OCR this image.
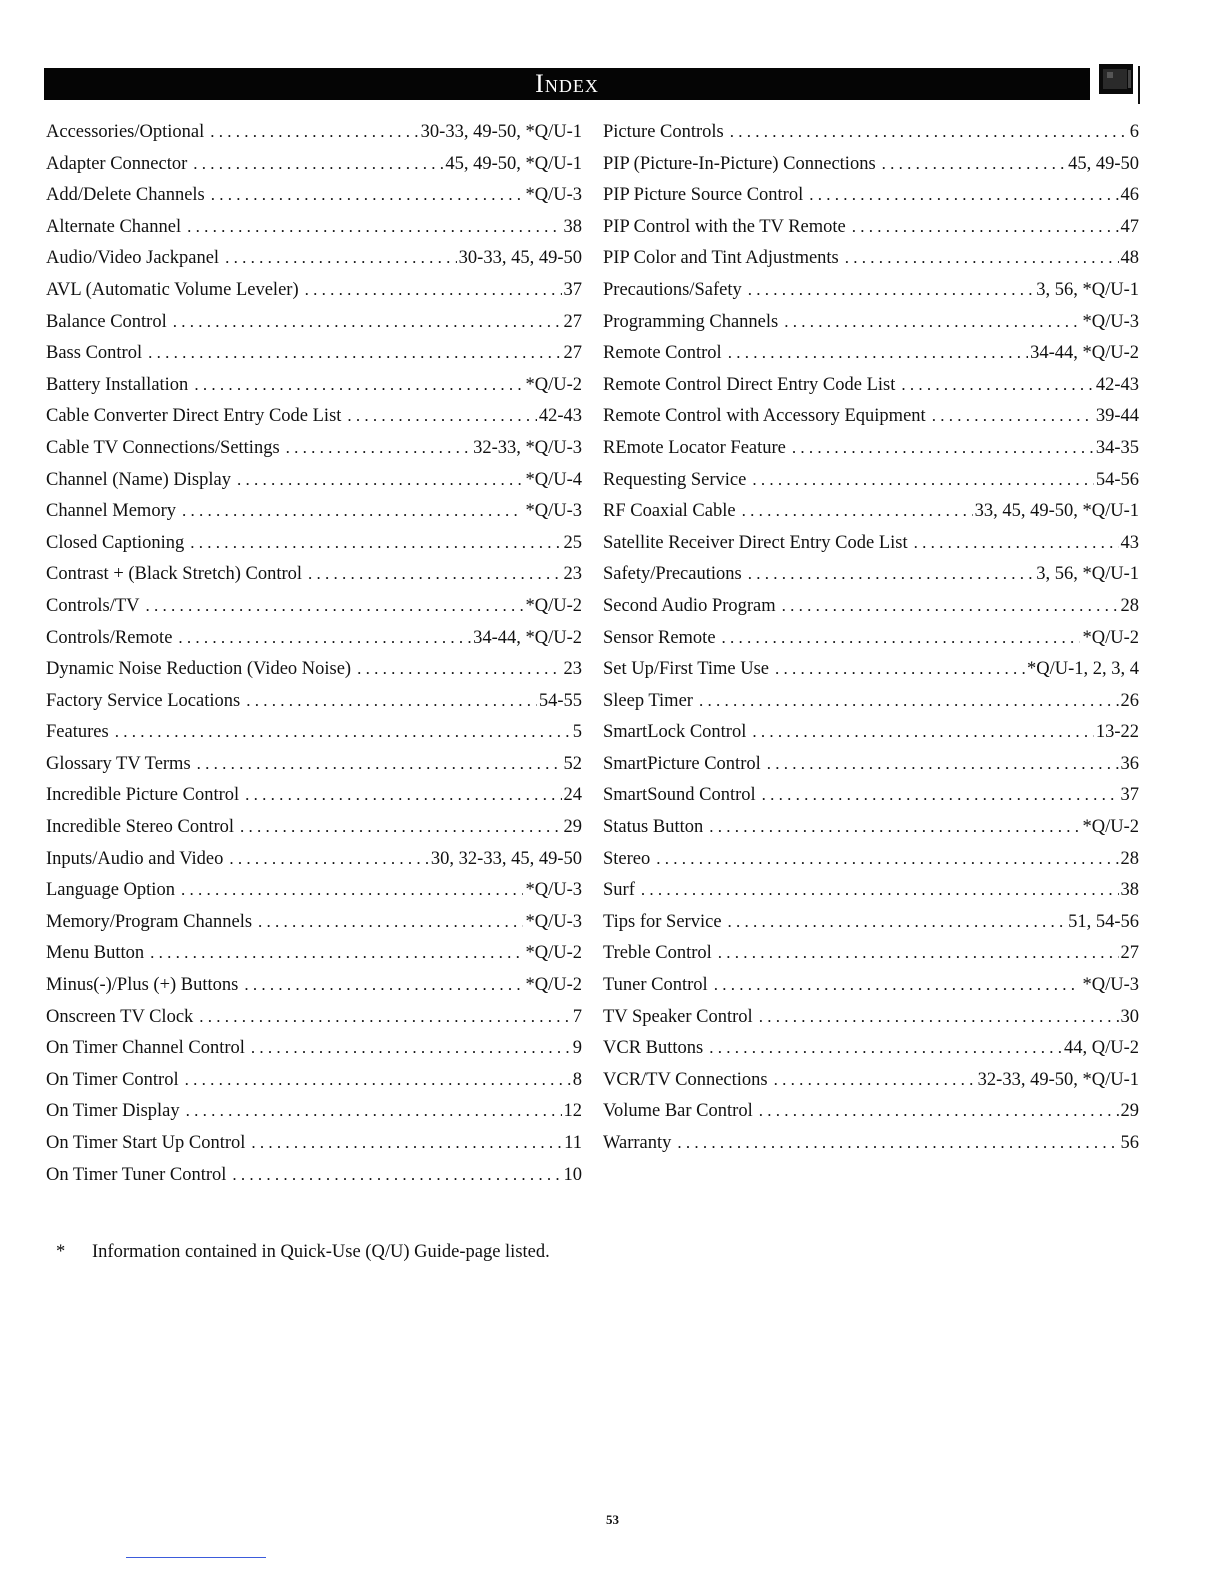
Index
Accessories/Optional . . .	30-33, 49-50, *Q/U-1
Adapter Connector . . .	45, 49-50, *Q/U-1
Add/Delete Channels . . .	*Q/U-3
Alternate Channel . . .	38
Audio/Video Jackpanel . . .	30-33, 45, 49-50
AVL (Automatic Volume Leveler) . . .	37
Balance Control . . .	27
Bass Control . . .	27
Battery Installation . . .	*Q/U-2
Cable Converter Direct Entry Code List . . .	42-43
Cable TV Connections/Settings . . .	32-33, *Q/U-3
Channel (Name) Display . . .	*Q/U-4
Channel Memory . . .	*Q/U-3
Closed Captioning . . .	25
Contrast + (Black Stretch) Control . . .	23
Controls/TV . . .	*Q/U-2
Controls/Remote . . .	34-44, *Q/U-2
Dynamic Noise Reduction (Video Noise) . . .	23
Factory Service Locations . . .	54-55
Features . . .	5
Glossary TV Terms . . .	52
Incredible Picture Control . . .	24
Incredible Stereo Control . . .	29
Inputs/Audio and Video . . .	30, 32-33, 45, 49-50
Language Option . . .	*Q/U-3
Memory/Program Channels . . .	*Q/U-3
Menu Button . . .	*Q/U-2
Minus(-)/Plus (+) Buttons . . .	*Q/U-2
Onscreen TV Clock . . .	7
On Timer Channel Control . . .	9
On Timer Control . . .	8
On Timer Display . . .	12
On Timer Start Up Control . . .	11
On Timer Tuner Control . . .	10
Picture Controls . . .	6
PIP (Picture-In-Picture) Connections . . .	45, 49-50
PIP Picture Source Control . . .	46
PIP Control with the TV Remote . . .	47
PIP Color and Tint Adjustments . . .	48
Precautions/Safety . . .	3, 56, *Q/U-1
Programming Channels . . .	*Q/U-3
Remote Control . . .	34-44, *Q/U-2
Remote Control Direct Entry Code List . . .	42-43
Remote Control with Accessory Equipment . . .	39-44
REmote Locator Feature . . .	34-35
Requesting Service . . .	54-56
RF Coaxial Cable . . .	33, 45, 49-50, *Q/U-1
Satellite Receiver Direct Entry Code List . . .	43
Safety/Precautions . . .	3, 56, *Q/U-1
Second Audio Program . . .	28
Sensor Remote . . .	*Q/U-2
Set Up/First Time Use . . .	*Q/U-1, 2, 3, 4
Sleep Timer . . .	26
SmartLock Control . . .	13-22
SmartPicture Control . . .	36
SmartSound Control . . .	37
Status Button . . .	*Q/U-2
Stereo . . .	28
Surf . . .	38
Tips for Service . . .	51, 54-56
Treble Control . . .	27
Tuner Control . . .	*Q/U-3
TV Speaker Control . . .	30
VCR Buttons . . .	44, Q/U-2
VCR/TV Connections . . .	32-33, 49-50, *Q/U-1
Volume Bar Control . . .	29
Warranty . . .	56
* Information contained in Quick-Use (Q/U) Guide-page listed.
53
